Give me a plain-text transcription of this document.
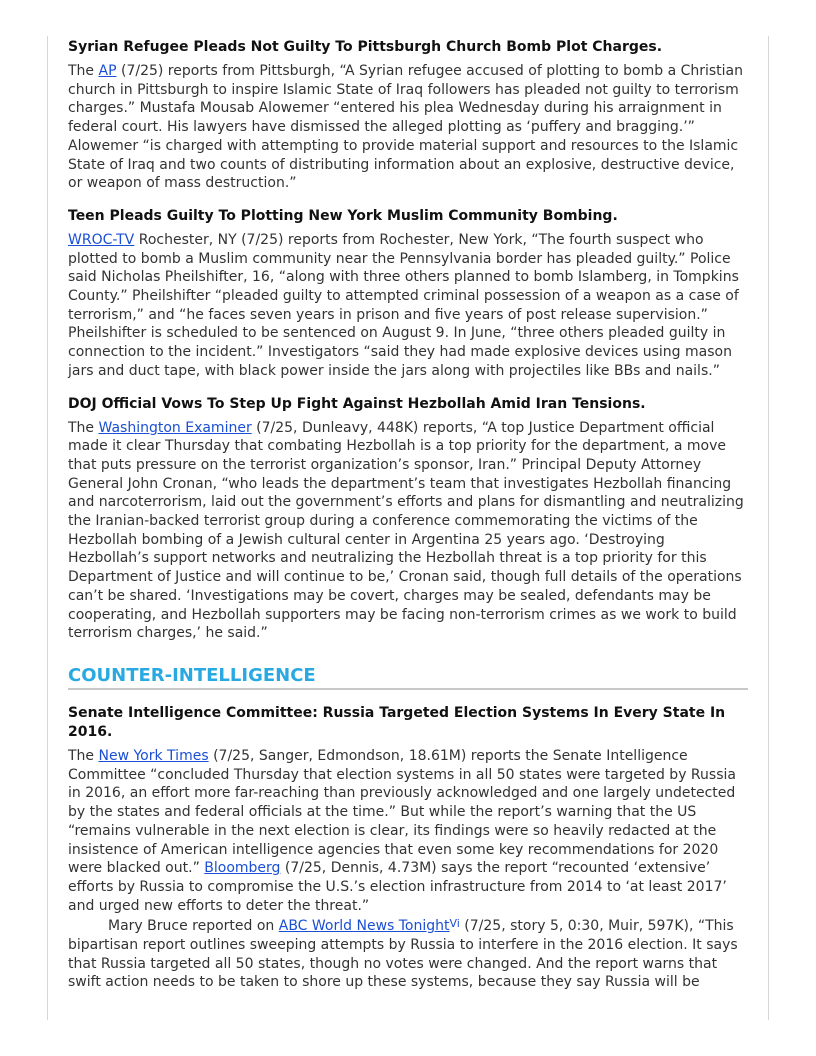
Syrian Refugee Pleads Not Guilty To Pittsburgh Church Bomb Plot Charges.

The AP (7/25) reports from Pittsburgh, “A Syrian refugee accused of plotting to bomb a Christian church in Pittsburgh to inspire Islamic State of Iraq followers has pleaded not guilty to terrorism charges.” Mustafa Mousab Alowemer “entered his plea Wednesday during his arraignment in federal court. His lawyers have dismissed the alleged plotting as ‘puffery and bragging.’” Alowemer “is charged with attempting to provide material support and resources to the Islamic State of Iraq and two counts of distributing information about an explosive, destructive device, or weapon of mass destruction.”

Teen Pleads Guilty To Plotting New York Muslim Community Bombing.

WROC-TV Rochester, NY (7/25) reports from Rochester, New York, “The fourth suspect who plotted to bomb a Muslim community near the Pennsylvania border has pleaded guilty.” Police said Nicholas Pheilshifter, 16, “along with three others planned to bomb Islamberg, in Tompkins County.” Pheilshifter “pleaded guilty to attempted criminal possession of a weapon as a case of terrorism,” and “he faces seven years in prison and five years of post release supervision.” Pheilshifter is scheduled to be sentenced on August 9. In June, “three others pleaded guilty in connection to the incident.” Investigators “said they had made explosive devices using mason jars and duct tape, with black power inside the jars along with projectiles like BBs and nails.”

DOJ Official Vows To Step Up Fight Against Hezbollah Amid Iran Tensions.

The Washington Examiner (7/25, Dunleavy, 448K) reports, “A top Justice Department official made it clear Thursday that combating Hezbollah is a top priority for the department, a move that puts pressure on the terrorist organization’s sponsor, Iran.” Principal Deputy Attorney General John Cronan, “who leads the department’s team that investigates Hezbollah financing and narcoterrorism, laid out the government’s efforts and plans for dismantling and neutralizing the Iranian-backed terrorist group during a conference commemorating the victims of the Hezbollah bombing of a Jewish cultural center in Argentina 25 years ago. ‘Destroying Hezbollah’s support networks and neutralizing the Hezbollah threat is a top priority for this Department of Justice and will continue to be,’ Cronan said, though full details of the operations can’t be shared. ‘Investigations may be covert, charges may be sealed, defendants may be cooperating, and Hezbollah supporters may be facing non-terrorism crimes as we work to build terrorism charges,’ he said.”

COUNTER-INTELLIGENCE
Senate Intelligence Committee: Russia Targeted Election Systems In Every State In 2016.

The New York Times (7/25, Sanger, Edmondson, 18.61M) reports the Senate Intelligence Committee “concluded Thursday that election systems in all 50 states were targeted by Russia in 2016, an effort more far-reaching than previously acknowledged and one largely undetected by the states and federal officials at the time.” But while the report’s warning that the US “remains vulnerable in the next election is clear, its findings were so heavily redacted at the insistence of American intelligence agencies that even some key recommendations for 2020 were blacked out.” Bloomberg (7/25, Dennis, 4.73M) says the report “recounted ‘extensive’ efforts by Russia to compromise the U.S.’s election infrastructure from 2014 to ‘at least 2017’ and urged new efforts to deter the threat.”

Mary Bruce reported on ABC World News Tonight$^{Vi}$ (7/25, story 5, 0:30, Muir, 597K), “This bipartisan report outlines sweeping attempts by Russia to interfere in the 2016 election. It says that Russia targeted all 50 states, though no votes were changed. And the report warns that swift action needs to be taken to shore up these systems, because they say Russia will be
